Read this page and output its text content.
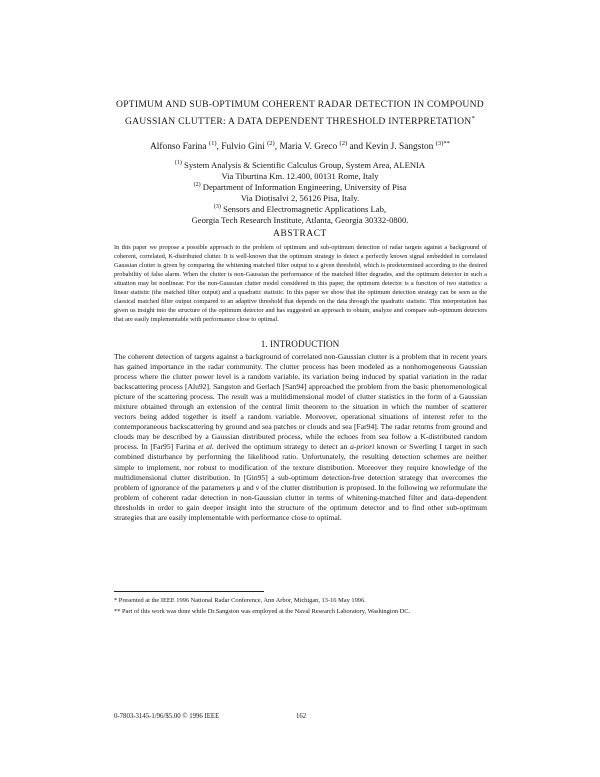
OPTIMUM AND SUB-OPTIMUM COHERENT RADAR DETECTION IN COMPOUND
GAUSSIAN CLUTTER: A DATA DEPENDENT THRESHOLD INTERPRETATION*
Alfonso Farina $^{(1)}$, Fulvio Gini $^{(2)}$, Maria V. Greco $^{(2)}$ and Kevin J. Sangston $^{(3)**}$
$^{(1)}$ System Analysis & Scientific Calculus Group, System Area, ALENIA
Via Tiburtina Km. 12.400, 00131 Rome, Italy
$^{(2)}$ Department of Information Engineering, University of Pisa
Via Diotisalvi 2, 56126 Pisa, Italy.
$^{(3)}$ Sensors and Electromagnetic Applications Lab,
Georgia Tech Research Institute, Atlanta, Georgia 30332-0800.
ABSTRACT
In this paper we propose a possible approach to the problem of optimum and sub-optimum detection of radar targets against a background of coherent, correlated, K-distributed clutter. It is well-known that the optimum strategy to detect a perfectly known signal embedded in correlated Gaussian clutter is given by comparing the whitening matched filter output to a given threshold, which is predetermined according to the desired probability of false alarm. When the clutter is non-Gaussian the performance of the matched filter degrades, and the optimum detector in such a situation may be nonlinear. For the non-Gaussian clutter model considered in this paper, the optimum detector is a function of two statistics: a linear statistic (the matched filter output) and a quadratic statistic. In this paper we show that the optimum detection strategy can be seen as the classical matched filter output compared to an adaptive threshold that depends on the data through the quadratic statistic. This interpretation has given us insight into the structure of the optimum detector and has suggested an approach to obtain, analyze and compare sub-optimum detectors that are easily implementable with performance close to optimal.
1. INTRODUCTION
The coherent detection of targets against a background of correlated non-Gaussian clutter is a problem that in recent years has gained importance in the radar community. The clutter process has been modeled as a nonhomogeneous Gaussian process where the clutter power level is a random variable, its variation being induced by spatial variation in the radar backscattering process [Alu92]. Sangston and Gerlach [San94] approached the problem from the basic phenomenological picture of the scattering process. The result was a multidimensional model of clutter statistics in the form of a Gaussian mixture obtained through an extension of the central limit theorem to the situation in which the number of scatterer vectors being added together is itself a random variable. Moreover, operational situations of interest refer to the contemporaneous backscattering by ground and sea patches or clouds and sea [Far94]. The radar returns from ground and clouds may be described by a Gaussian distributed process, while the echoes from sea follow a K-distributed random process. In [Far95] Farina et al. derived the optimum strategy to detect an a-priori known or Swerling I target in such combined disturbance by performing the likelihood ratio. Unfortunately, the resulting detection schemes are neither simple to implement, nor robust to modification of the texture distribution. Moreover they require knowledge of the multidimensional clutter distribution. In [Gin95] a sub-optimum detection-free detection strategy that overcomes the problem of ignorance of the parameters μ and ν of the clutter distribution is proposed. In the following we reformulate the problem of coherent radar detection in non-Gaussian clutter in terms of whitening-matched filter and data-dependent thresholds in order to gain deeper insight into the structure of the optimum detector and to find other sub-optimum strategies that are easily implementable with performance close to optimal.
* Presented at the IEEE 1996 National Radar Conference, Ann Arbor, Michigan, 13-16 May 1996.
** Part of this work was done while Dr.Sangston was employed at the Naval Research Laboratory, Washington DC.
0-7803-3145-1/96/$5.00 © 1996 IEEE	162
